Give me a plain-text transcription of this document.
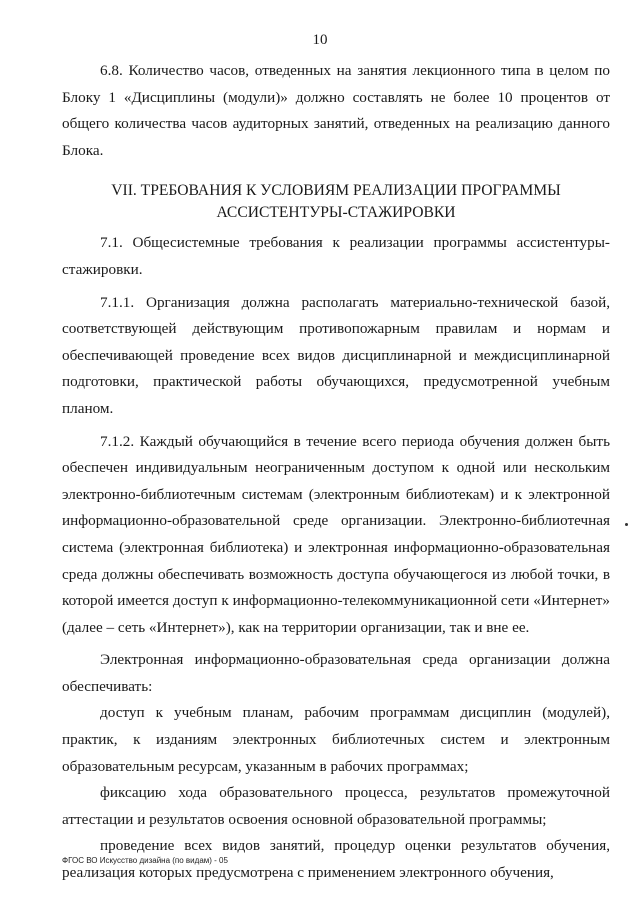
10

6.8. Количество часов, отведенных на занятия лекционного типа в целом по Блоку 1 «Дисциплины (модули)» должно составлять не более 10 процентов от общего количества часов аудиторных занятий, отведенных на реализацию данного Блока.

VII. ТРЕБОВАНИЯ К УСЛОВИЯМ РЕАЛИЗАЦИИ ПРОГРАММЫ
АССИСТЕНТУРЫ-СТАЖИРОВКИ

7.1. Общесистемные требования к реализации программы ассистентуры-стажировки.

7.1.1. Организация должна располагать материально-технической базой, соответствующей действующим противопожарным правилам и нормам и обеспечивающей проведение всех видов дисциплинарной и междисциплинарной подготовки, практической работы обучающихся, предусмотренной учебным планом.

7.1.2. Каждый обучающийся в течение всего периода обучения должен быть обеспечен индивидуальным неограниченным доступом к одной или нескольким электронно-библиотечным системам (электронным библиотекам) и к электронной информационно-образовательной среде организации. Электронно-библиотечная система (электронная библиотека) и электронная информационно-образовательная среда должны обеспечивать возможность доступа обучающегося из любой точки, в которой имеется доступ к информационно-телекоммуникационной сети «Интернет» (далее – сеть «Интернет»), как на территории организации, так и вне ее.

Электронная информационно-образовательная среда организации должна обеспечивать:

доступ к учебным планам, рабочим программам дисциплин (модулей), практик, к изданиям электронных библиотечных систем и электронным образовательным ресурсам, указанным в рабочих программах;

фиксацию хода образовательного процесса, результатов промежуточной аттестации и результатов освоения основной образовательной программы;

проведение всех видов занятий, процедур оценки результатов обучения, реализация которых предусмотрена с применением электронного обучения,

ФГОС ВО Искусство дизайна (по видам) - 05
